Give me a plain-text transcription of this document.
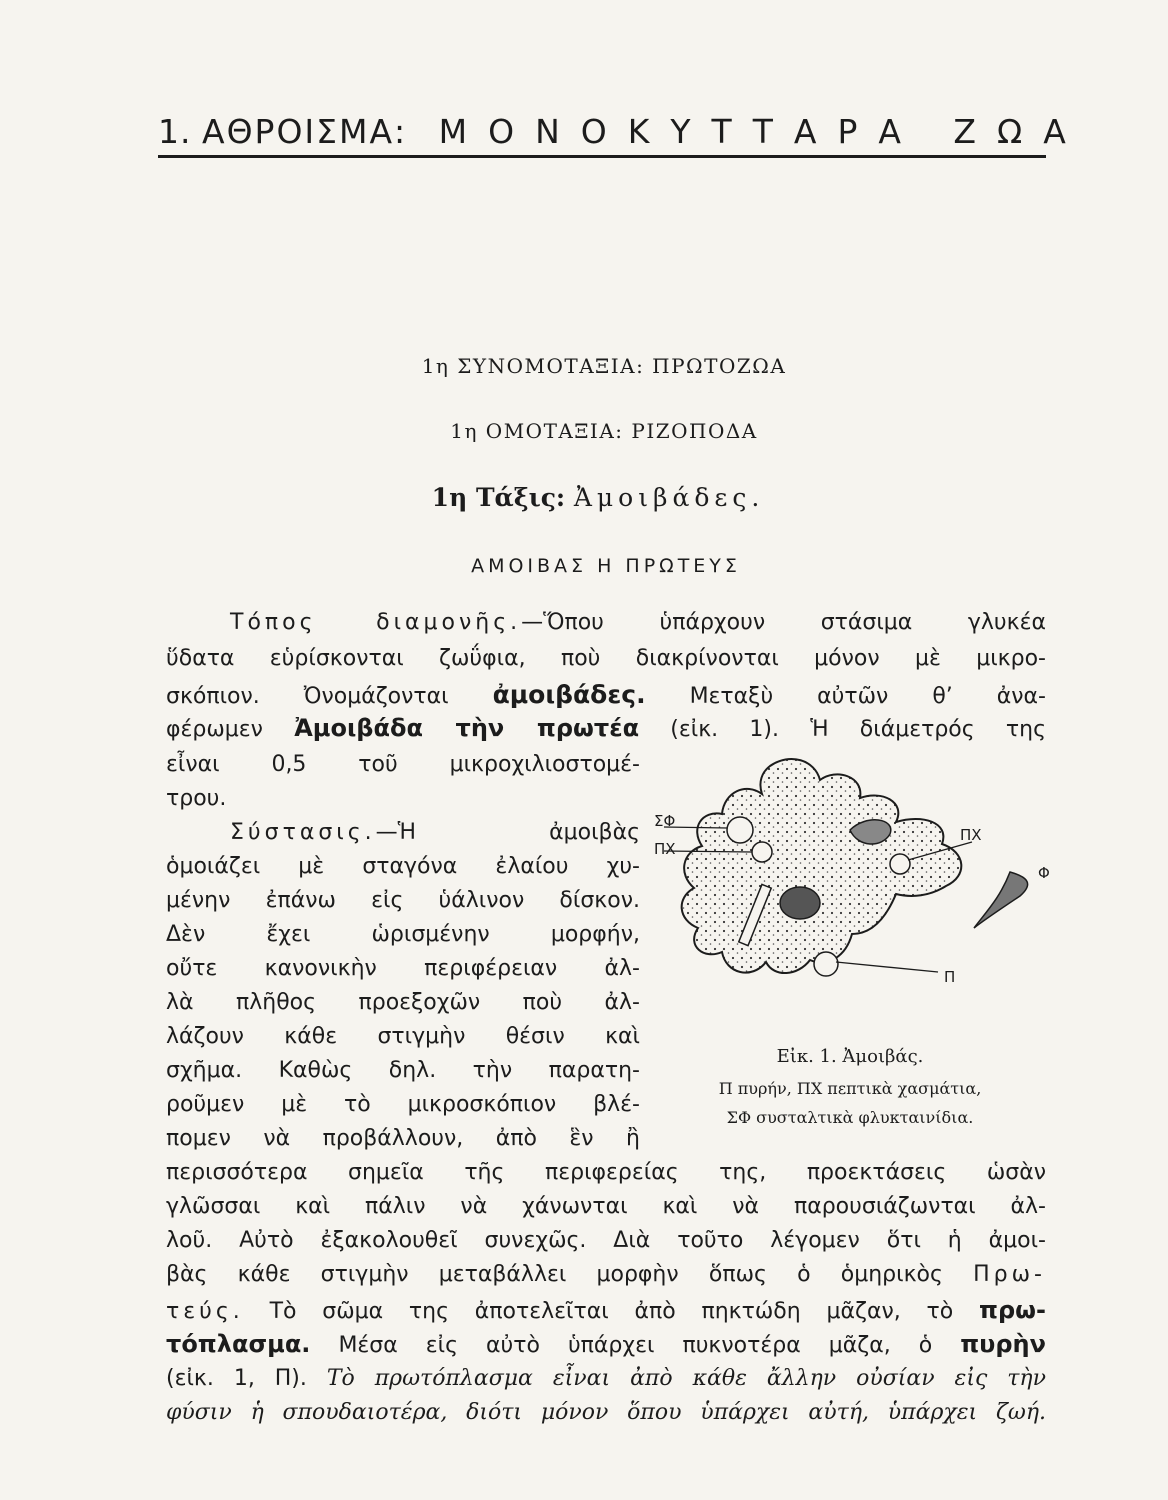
1. ΑΘΡΟΙΣΜΑ: ΜΟΝΟΚΥΤΤΑΡΑ ΖΩΑ

1η ΣΥΝΟΜΟΤΑΞΙΑ: ΠΡΩΤΟΖΩΑ

1η ΟΜΟΤΑΞΙΑ: ΡΙΖΟΠΟΔΑ

1η Τάξις: Ἀμοιβάδες.

ΑΜΟΙΒΑΣ Η ΠΡΩΤΕΥΣ

Τόπος διαμονῆς.—Ὅπου ὑπάρχουν στάσιμα γλυκέα

ὕδατα εὑρίσκονται ζωΰφια, ποὺ διακρίνονται μόνον μὲ μικρο-

σκόπιον. Ὀνομάζονται ἀμοιβάδες. Μεταξὺ αὐτῶν θ’ ἀνα-

φέρωμεν Ἀμοιβάδα τὴν πρωτέα (εἰκ. 1). Ἡ διάμετρός της

εἶναι 0,5 τοῦ μικροχιλιοστομέ-

τρου.

Σύστασις.—Ἡ ἀμοιβὰς

ὁμοιάζει μὲ σταγόνα ἐλαίου χυ-

μένην ἐπάνω εἰς ὑάλινον δίσκον.

Δὲν ἔχει ὡρισμένην μορφήν,

οὔτε κανονικὴν περιφέρειαν ἀλ-

λὰ πλῆθος προεξοχῶν ποὺ ἀλ-

λάζουν κάθε στιγμὴν θέσιν καὶ

σχῆμα. Καθὼς δηλ. τὴν παρατη-

ροῦμεν μὲ τὸ μικροσκόπιον βλέ-

πομεν νὰ προβάλλουν, ἀπὸ ἓν ἢ

περισσότερα σημεῖα τῆς περιφερείας της, προεκτάσεις ὡσὰν

γλῶσσαι καὶ πάλιν νὰ χάνωνται καὶ νὰ παρουσιάζωνται ἀλ-

λοῦ. Αὐτὸ ἐξακολουθεῖ συνεχῶς. Διὰ τοῦτο λέγομεν ὅτι ἡ ἀμοι-

βὰς κάθε στιγμὴν μεταβάλλει μορφὴν ὅπως ὁ ὁμηρικὸς Πρω-

τεύς. Τὸ σῶμα της ἀποτελεῖται ἀπὸ πηκτώδη μᾶζαν, τὸ πρω-

τόπλασμα. Μέσα εἰς αὐτὸ ὑπάρχει πυκνοτέρα μᾶζα, ὁ πυρὴν

(εἰκ. 1, Π). Τὸ πρωτόπλασμα εἶναι ἀπὸ κάθε ἄλλην οὐσίαν εἰς τὴν

φύσιν ἡ σπουδαιοτέρα, διότι μόνον ὅπου ὑπάρχει αὐτή, ὑπάρχει ζωή.

ΣΦ
ΠΧ
ΠΧ
Φ
Π

Εἰκ. 1. Ἀμοιβάς.

Π πυρήν, ΠΧ πεπτικὰ χασμάτια,

ΣΦ συσταλτικὰ φλυκταινίδια.
